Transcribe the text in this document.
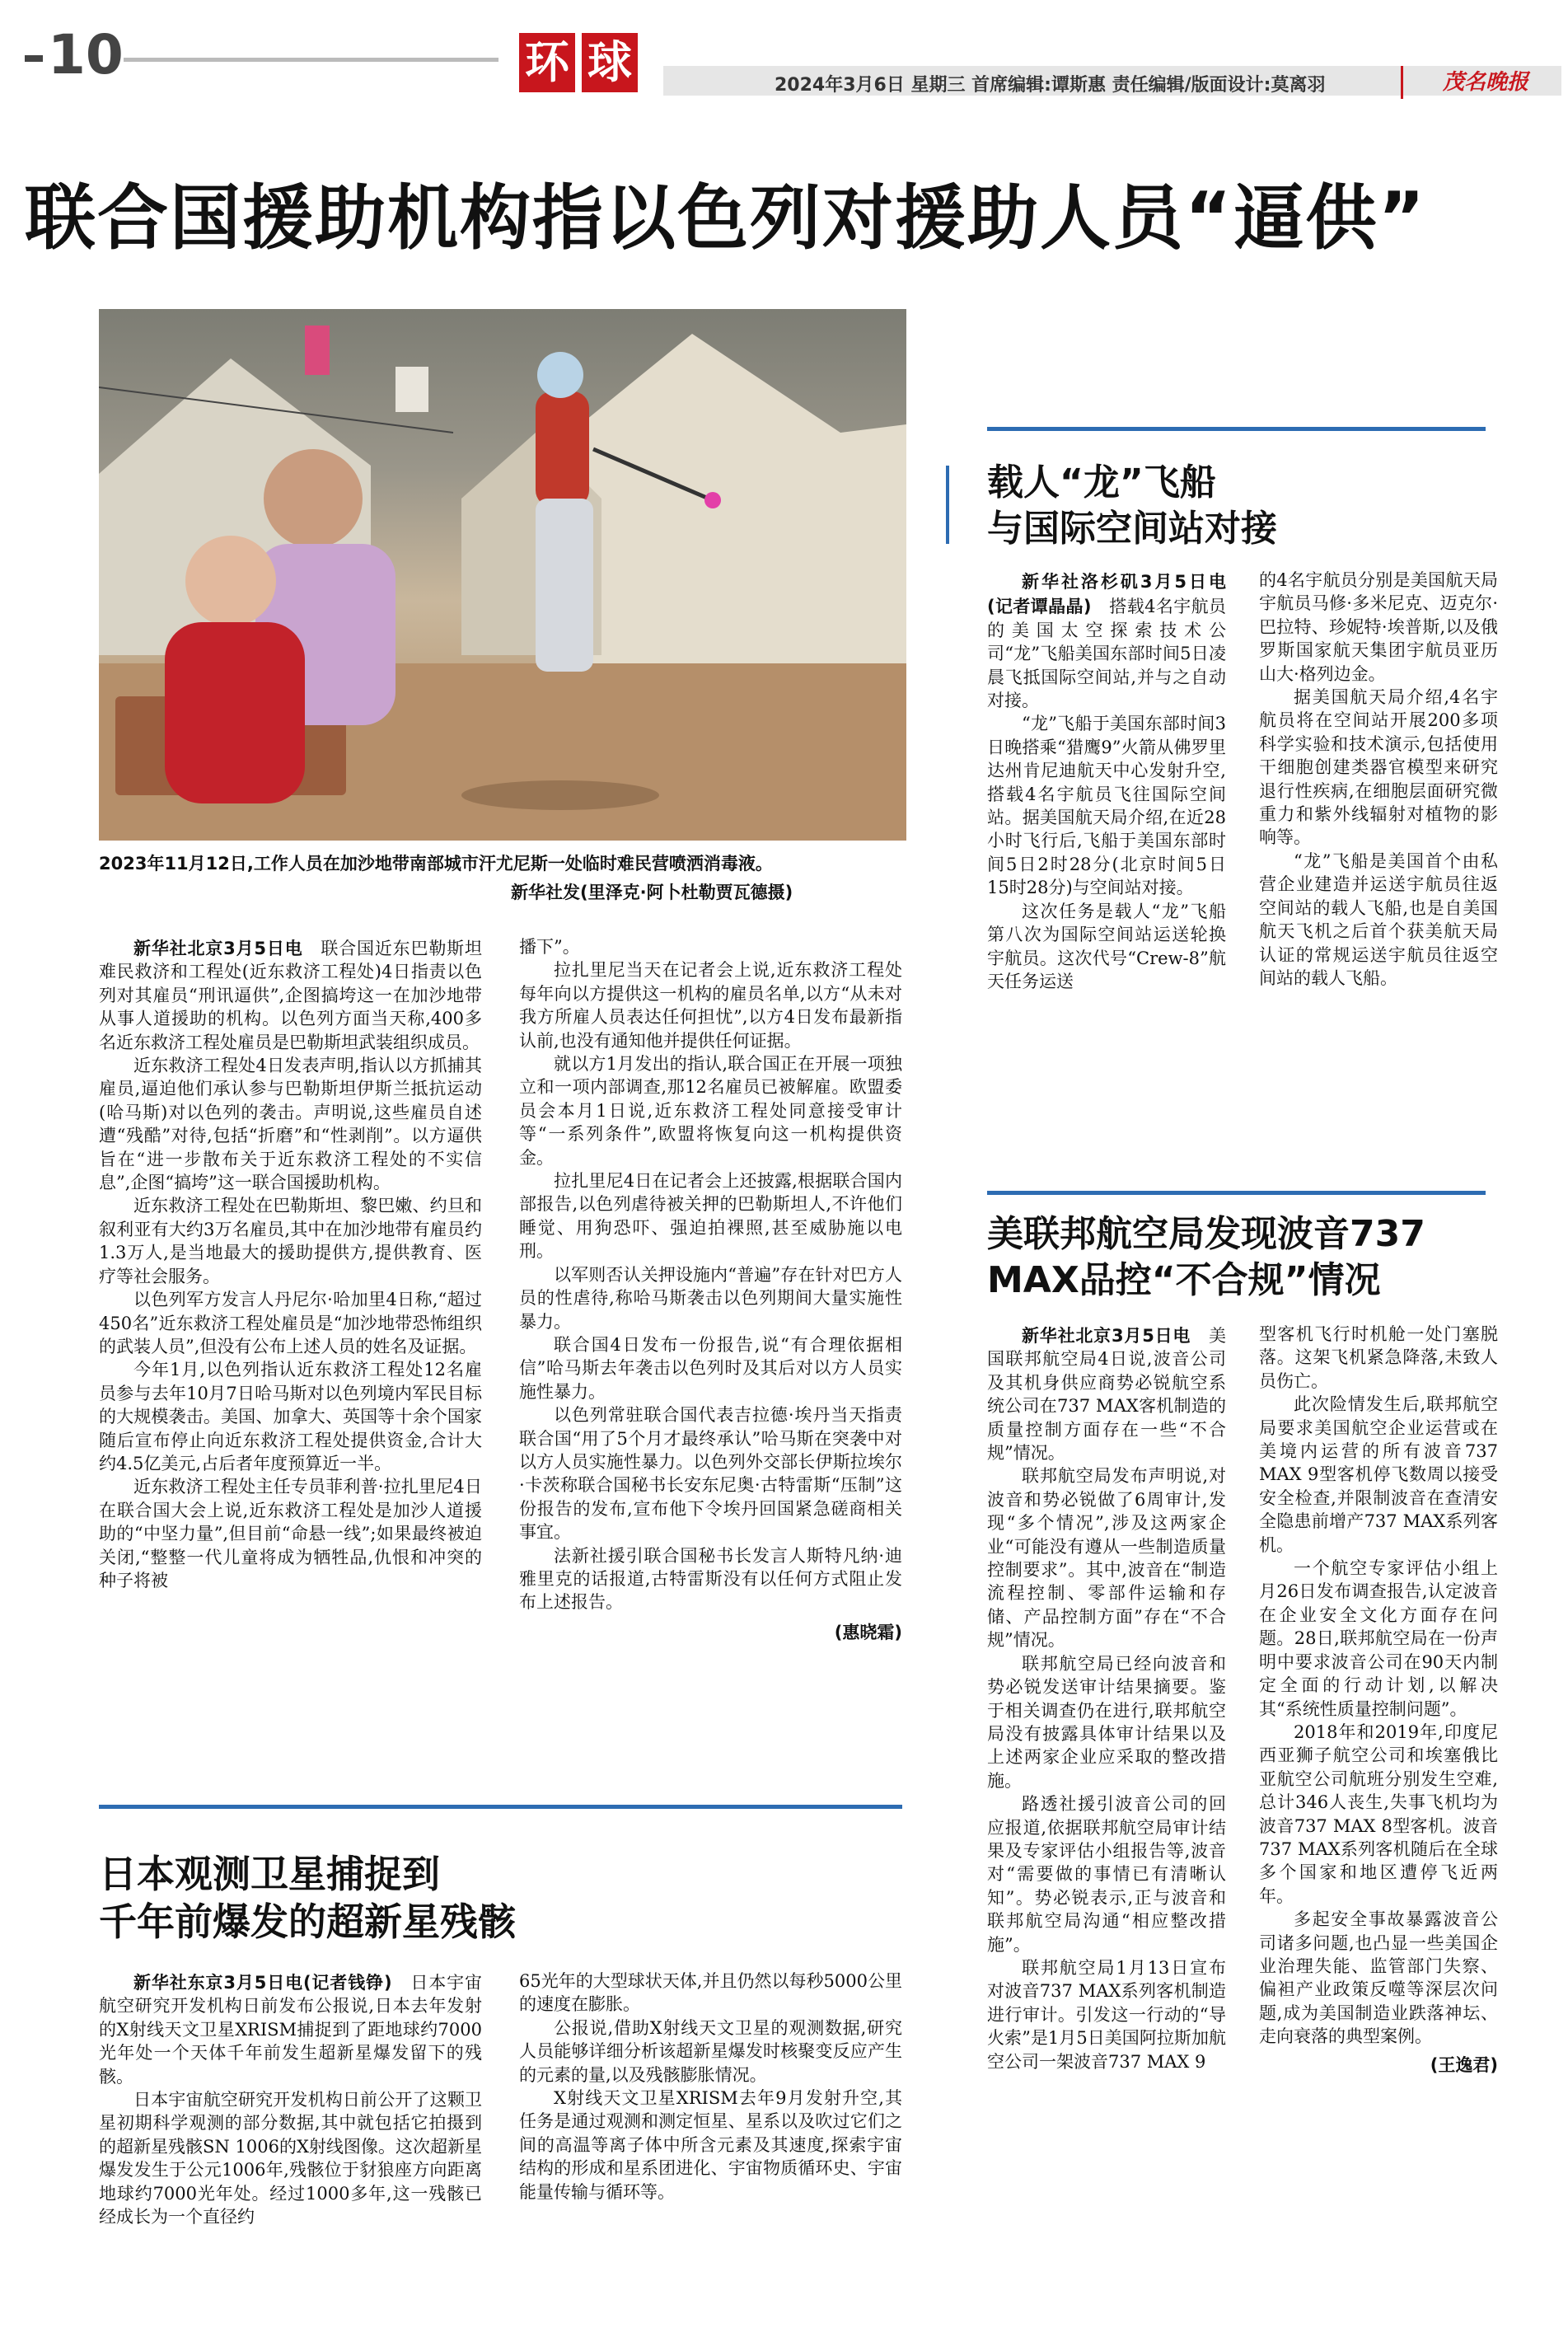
10	环 球	2024年3月6日 星期三 首席编辑:谭斯惠 责任编辑/版面设计:莫离羽	茂名晚报
联合国援助机构指以色列对援助人员“逼供”
2023年11月12日,工作人员在加沙地带南部城市汗尤尼斯一处临时难民营喷洒消毒液。
新华社发(里泽克·阿卜杜勒贾瓦德摄)

新华社北京3月5日电　联合国近东巴勒斯坦难民救济和工程处(近东救济工程处)4日指责以色列对其雇员“刑讯逼供”,企图搞垮这一在加沙地带从事人道援助的机构。以色列方面当天称,400多名近东救济工程处雇员是巴勒斯坦武装组织成员。

近东救济工程处4日发表声明,指认以方抓捕其雇员,逼迫他们承认参与巴勒斯坦伊斯兰抵抗运动(哈马斯)对以色列的袭击。声明说,这些雇员自述遭“残酷”对待,包括“折磨”和“性剥削”。以方逼供旨在“进一步散布关于近东救济工程处的不实信息”,企图“搞垮”这一联合国援助机构。

近东救济工程处在巴勒斯坦、黎巴嫩、约旦和叙利亚有大约3万名雇员,其中在加沙地带有雇员约1.3万人,是当地最大的援助提供方,提供教育、医疗等社会服务。

以色列军方发言人丹尼尔·哈加里4日称,“超过450名”近东救济工程处雇员是“加沙地带恐怖组织的武装人员”,但没有公布上述人员的姓名及证据。

今年1月,以色列指认近东救济工程处12名雇员参与去年10月7日哈马斯对以色列境内军民目标的大规模袭击。美国、加拿大、英国等十余个国家随后宣布停止向近东救济工程处提供资金,合计大约4.5亿美元,占后者年度预算近一半。

近东救济工程处主任专员菲利普·拉扎里尼4日在联合国大会上说,近东救济工程处是加沙人道援助的“中坚力量”,但目前“命悬一线”;如果最终被迫关闭,“整整一代儿童将成为牺牲品,仇恨和冲突的种子将被

播下”。

拉扎里尼当天在记者会上说,近东救济工程处每年向以方提供这一机构的雇员名单,以方“从未对我方所雇人员表达任何担忧”,以方4日发布最新指认前,也没有通知他并提供任何证据。

就以方1月发出的指认,联合国正在开展一项独立和一项内部调查,那12名雇员已被解雇。欧盟委员会本月1日说,近东救济工程处同意接受审计等“一系列条件”,欧盟将恢复向这一机构提供资金。

拉扎里尼4日在记者会上还披露,根据联合国内部报告,以色列虐待被关押的巴勒斯坦人,不许他们睡觉、用狗恐吓、强迫拍裸照,甚至威胁施以电刑。

以军则否认关押设施内“普遍”存在针对巴方人员的性虐待,称哈马斯袭击以色列期间大量实施性暴力。

联合国4日发布一份报告,说“有合理依据相信”哈马斯去年袭击以色列时及其后对以方人员实施性暴力。

以色列常驻联合国代表吉拉德·埃丹当天指责联合国“用了5个月才最终承认”哈马斯在突袭中对以方人员实施性暴力。以色列外交部长伊斯拉埃尔·卡茨称联合国秘书长安东尼奥·古特雷斯“压制”这份报告的发布,宣布他下令埃丹回国紧急磋商相关事宜。

法新社援引联合国秘书长发言人斯特凡纳·迪雅里克的话报道,古特雷斯没有以任何方式阻止发布上述报告。

(惠晓霜)
载人“龙”飞船
与国际空间站对接

新华社洛杉矶3月5日电(记者谭晶晶)　搭载4名宇航员的美国太空探索技术公司“龙”飞船美国东部时间5日凌晨飞抵国际空间站,并与之自动对接。

“龙”飞船于美国东部时间3日晚搭乘“猎鹰9”火箭从佛罗里达州肯尼迪航天中心发射升空,搭载4名宇航员飞往国际空间站。据美国航天局介绍,在近28小时飞行后,飞船于美国东部时间5日2时28分(北京时间5日15时28分)与空间站对接。

这次任务是载人“龙”飞船第八次为国际空间站运送轮换宇航员。这次代号“Crew-8”航天任务运送

的4名宇航员分别是美国航天局宇航员马修·多米尼克、迈克尔·巴拉特、珍妮特·埃普斯,以及俄罗斯国家航天集团宇航员亚历山大·格列边金。

据美国航天局介绍,4名宇航员将在空间站开展200多项科学实验和技术演示,包括使用干细胞创建类器官模型来研究退行性疾病,在细胞层面研究微重力和紫外线辐射对植物的影响等。

“龙”飞船是美国首个由私营企业建造并运送宇航员往返空间站的载人飞船,也是自美国航天飞机之后首个获美航天局认证的常规运送宇航员往返空间站的载人飞船。

美联邦航空局发现波音737
MAX品控“不合规”情况

新华社北京3月5日电　美国联邦航空局4日说,波音公司及其机身供应商势必锐航空系统公司在737 MAX客机制造的质量控制方面存在一些“不合规”情况。

联邦航空局发布声明说,对波音和势必锐做了6周审计,发现“多个情况”,涉及这两家企业“可能没有遵从一些制造质量控制要求”。其中,波音在“制造流程控制、零部件运输和存储、产品控制方面”存在“不合规”情况。

联邦航空局已经向波音和势必锐发送审计结果摘要。鉴于相关调查仍在进行,联邦航空局没有披露具体审计结果以及上述两家企业应采取的整改措施。

路透社援引波音公司的回应报道,依据联邦航空局审计结果及专家评估小组报告等,波音对“需要做的事情已有清晰认知”。势必锐表示,正与波音和联邦航空局沟通“相应整改措施”。

联邦航空局1月13日宣布对波音737 MAX系列客机制造进行审计。引发这一行动的“导火索”是1月5日美国阿拉斯加航空公司一架波音737 MAX 9

型客机飞行时机舱一处门塞脱落。这架飞机紧急降落,未致人员伤亡。

此次险情发生后,联邦航空局要求美国航空企业运营或在美境内运营的所有波音737 MAX 9型客机停飞数周以接受安全检查,并限制波音在查清安全隐患前增产737 MAX系列客机。

一个航空专家评估小组上月26日发布调查报告,认定波音在企业安全文化方面存在问题。28日,联邦航空局在一份声明中要求波音公司在90天内制定全面的行动计划,以解决其“系统性质量控制问题”。

2018年和2019年,印度尼西亚狮子航空公司和埃塞俄比亚航空公司航班分别发生空难,总计346人丧生,失事飞机均为波音737 MAX 8型客机。波音737 MAX系列客机随后在全球多个国家和地区遭停飞近两年。

多起安全事故暴露波音公司诸多问题,也凸显一些美国企业治理失能、监管部门失察、偏袒产业政策反噬等深层次问题,成为美国制造业跌落神坛、走向衰落的典型案例。

(王逸君)
日本观测卫星捕捉到
千年前爆发的超新星残骸

新华社东京3月5日电(记者钱铮)　日本宇宙航空研究开发机构日前发布公报说,日本去年发射的X射线天文卫星XRISM捕捉到了距地球约7000光年处一个天体千年前发生超新星爆发留下的残骸。

日本宇宙航空研究开发机构日前公开了这颗卫星初期科学观测的部分数据,其中就包括它拍摄到的超新星残骸SN 1006的X射线图像。这次超新星爆发发生于公元1006年,残骸位于豺狼座方向距离地球约7000光年处。经过1000多年,这一残骸已经成长为一个直径约

65光年的大型球状天体,并且仍然以每秒5000公里的速度在膨胀。

公报说,借助X射线天文卫星的观测数据,研究人员能够详细分析该超新星爆发时核聚变反应产生的元素的量,以及残骸膨胀情况。

X射线天文卫星XRISM去年9月发射升空,其任务是通过观测和测定恒星、星系以及吹过它们之间的高温等离子体中所含元素及其速度,探索宇宙结构的形成和星系团进化、宇宙物质循环史、宇宙能量传输与循环等。
